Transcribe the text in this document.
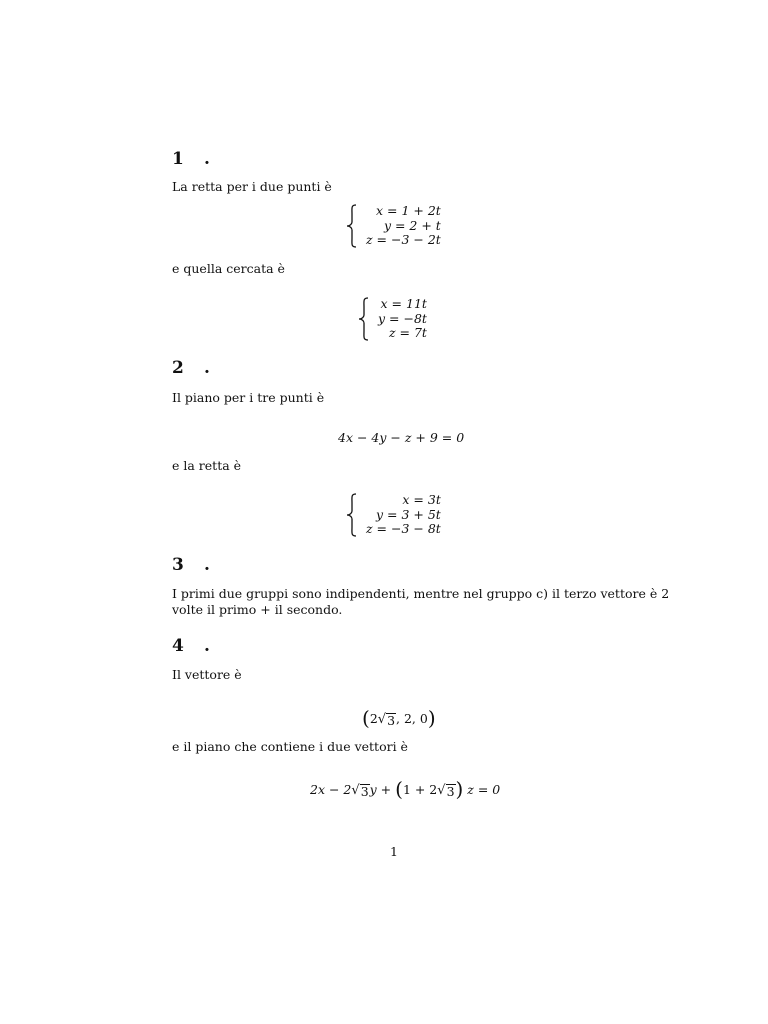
1 .
La retta per i due punti è
x = 1 + 2t
y = 2 + t
z = −3 − 2t
e quella cercata è
x = 11t
y = −8t
z = 7t
2 .
Il piano per i tre punti è
4x − 4y − z + 9 = 0
e la retta è
x = 3t
y = 3 + 5t
z = −3 − 8t
3 .
I primi due gruppi sono indipendenti, mentre nel gruppo c) il terzo vettore è 2
volte il primo + il secondo.
4 .
Il vettore è
(2 √ 3 , 2, 0)
e il piano che contiene i due vettori è
2x − 2 √ 3 y + (1 + 2 √ 3 ) z = 0
1
